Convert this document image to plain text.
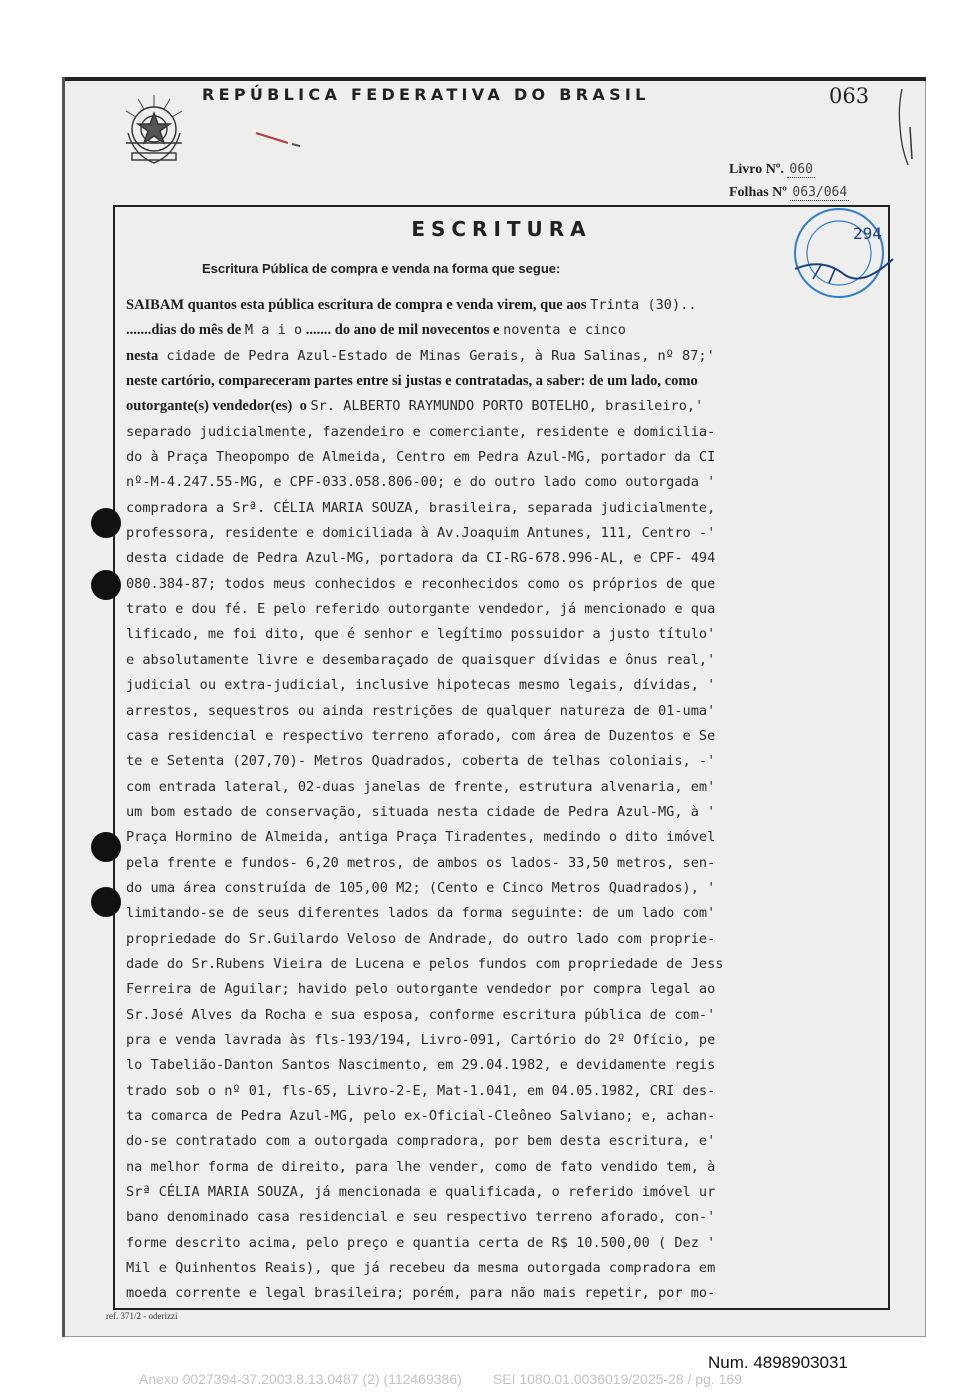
REPÚBLICA FEDERATIVA DO BRASIL	063
Livro Nº. 060
Folhas Nº 063/064
ESCRITURA
Escritura Pública de compra e venda na forma que segue:
SAIBAM quantos esta pública escritura de compra e venda virem, que aos Trinta (30)..
.......dias do mês de M a i o ....... do ano de mil novecentos e noventa e cinco
nesta cidade de Pedra Azul-Estado de Minas Gerais, à Rua Salinas, nº 87;'
neste cartório, compareceram partes entre si justas e contratadas, a saber: de um lado, como
outorgante(s) vendedor(es)  o Sr. ALBERTO RAYMUNDO PORTO BOTELHO, brasileiro,'
separado judicialmente, fazendeiro e comerciante, residente e domicilia-
do à Praça Theopompo de Almeida, Centro em Pedra Azul-MG, portador da CI
nº-M-4.247.55-MG, e CPF-033.058.806-00; e do outro lado como outorgada '
compradora a Srª. CÉLIA MARIA SOUZA, brasileira, separada judicialmente,
professora, residente e domiciliada à Av.Joaquim Antunes, 111, Centro -'
desta cidade de Pedra Azul-MG, portadora da CI-RG-678.996-AL, e CPF- 494
080.384-87; todos meus conhecidos e reconhecidos como os próprios de que
trato e dou fé. E pelo referido outorgante vendedor, já mencionado e qua
lificado, me foi dito, que é senhor e legítimo possuidor a justo título'
e absolutamente livre e desembaraçado de quaisquer dívidas e ônus real,'
judicial ou extra-judicial, inclusive hipotecas mesmo legais, dívidas, '
arrestos, sequestros ou ainda restrições de qualquer natureza de 01-uma'
casa residencial e respectivo terreno aforado, com área de Duzentos e Se
te e Setenta (207,70)- Metros Quadrados, coberta de telhas coloniais, -'
com entrada lateral, 02-duas janelas de frente, estrutura alvenaria, em'
um bom estado de conservação, situada nesta cidade de Pedra Azul-MG, à '
Praça Hormino de Almeida, antiga Praça Tiradentes, medindo o dito imóvel
pela frente e fundos- 6,20 metros, de ambos os lados- 33,50 metros, sen-
do uma área construída de 105,00 M2; (Cento e Cinco Metros Quadrados), '
limitando-se de seus diferentes lados da forma seguinte: de um lado com'
propriedade do Sr.Guilardo Veloso de Andrade, do outro lado com proprie-
dade do Sr.Rubens Vieira de Lucena e pelos fundos com propriedade de Jess
Ferreira de Aguilar; havido pelo outorgante vendedor por compra legal ao
Sr.José Alves da Rocha e sua esposa, conforme escritura pública de com-'
pra e venda lavrada às fls-193/194, Livro-091, Cartório do 2º Ofício, pe
lo Tabelião-Danton Santos Nascimento, em 29.04.1982, e devidamente regis
trado sob o nº 01, fls-65, Livro-2-E, Mat-1.041, em 04.05.1982, CRI des-
ta comarca de Pedra Azul-MG, pelo ex-Oficial-Cleôneo Salviano; e, achan-
do-se contratado com a outorgada compradora, por bem desta escritura, e'
na melhor forma de direito, para lhe vender, como de fato vendido tem, à
Srª CÉLIA MARIA SOUZA, já mencionada e qualificada, o referido imóvel ur
bano denominado casa residencial e seu respectivo terreno aforado, con-'
forme descrito acima, pelo preço e quantia certa de R$ 10.500,00 ( Dez '
Mil e Quinhentos Reais), que já recebeu da mesma outorgada compradora em
moeda corrente e legal brasileira; porém, para não mais repetir, por mo-
294
ref. 371/2 - oderizzi
Num. 4898903031
Anexo 0027394-37.2003.8.13.0487 (2) (112469386) SEI 1080.01.0036019/2025-28 / pg. 169
